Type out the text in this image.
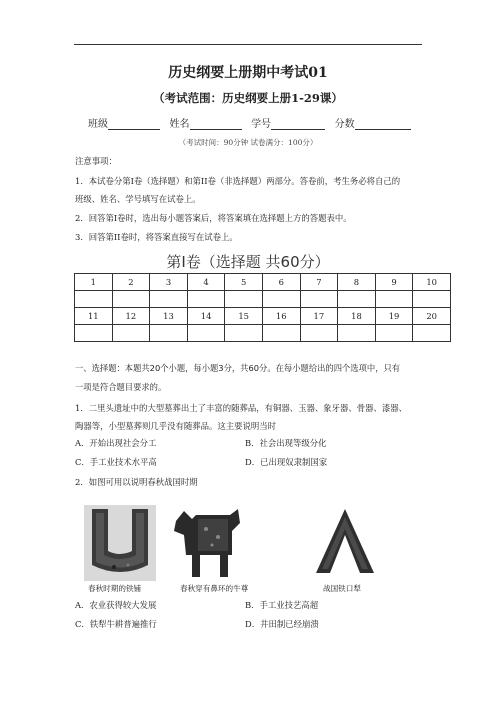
历史纲要上册期中考试01
（考试范围：历史纲要上册1-29课）
班级	姓名	学号	分数
（考试时间：90分钟 试卷满分：100分）
注意事项：
1．本试卷分第I卷（选择题）和第II卷（非选择题）两部分。答卷前，考生务必将自己的
班级、姓名、学号填写在试卷上。
2．回答第I卷时，选出每小题答案后，将答案填在选择题上方的答题表中。
3．回答第II卷时，将答案直接写在试卷上。
第Ⅰ卷（选择题 共60分）
1	2	3	4	5	6	7	8	9	10

11	12	13	14	15	16	17	18	19	20

一、选择题：本题共20个小题，每小题3分，共60分。在每小题给出的四个选项中，只有
一项是符合题目要求的。
1．二里头遗址中的大型墓葬出土了丰富的随葬品，有铜器、玉器、象牙器、骨器、漆器、
陶器等，小型墓葬则几乎没有随葬品。这主要说明当时
A．开始出现社会分工	B．社会出现等级分化
C．手工业技术水平高	D．已出现奴隶制国家
2．如图可用以说明春秋战国时期
春秋时期的铁铺	春秋穿有鼻环的牛尊	战国铁口犁
A．农业获得较大发展	B．手工业技艺高超
C．铁犁牛耕普遍推行	D．井田制已经崩溃
